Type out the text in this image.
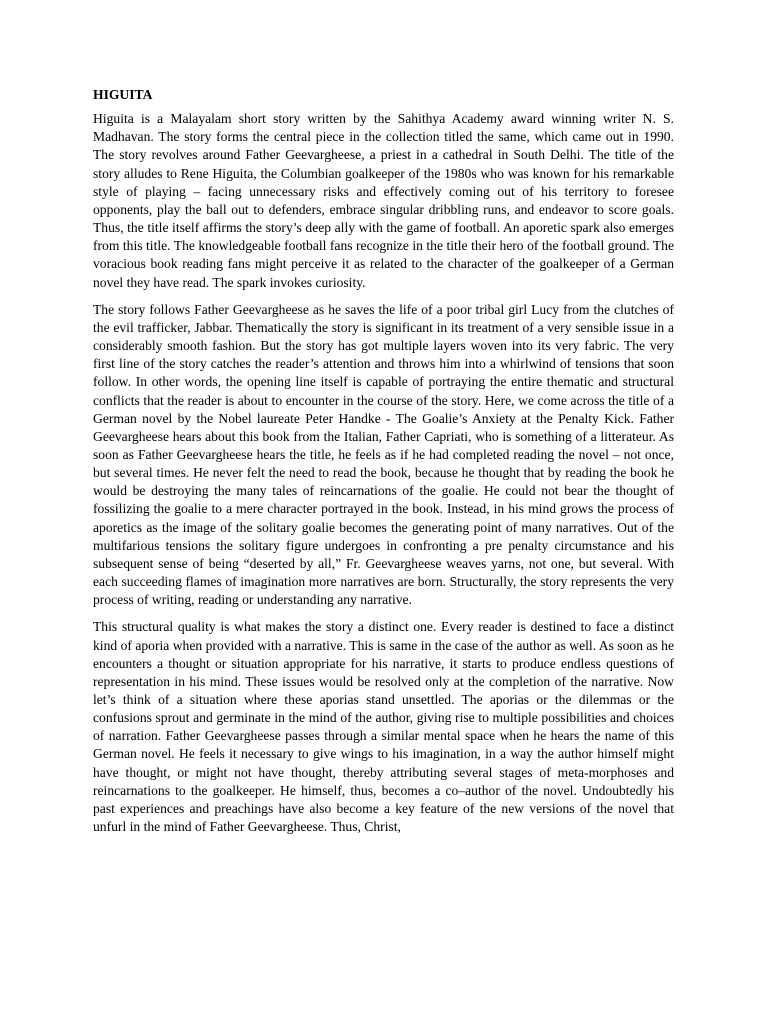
HIGUITA

Higuita is a Malayalam short story written by the Sahithya Academy award winning writer N. S. Madhavan. The story forms the central piece in the collection titled the same, which came out in 1990. The story revolves around Father Geevargheese, a priest in a cathedral in South Delhi. The title of the story alludes to Rene Higuita, the Columbian goalkeeper of the 1980s who was known for his remarkable style of playing – facing unnecessary risks and effectively coming out of his territory to foresee opponents, play the ball out to defenders, embrace singular dribbling runs, and endeavor to score goals. Thus, the title itself affirms the story’s deep ally with the game of football. An aporetic spark also emerges from this title. The knowledgeable football fans recognize in the title their hero of the football ground. The voracious book reading fans might perceive it as related to the character of the goalkeeper of a German novel they have read. The spark invokes curiosity.

The story follows Father Geevargheese as he saves the life of a poor tribal girl Lucy from the clutches of the evil trafficker, Jabbar. Thematically the story is significant in its treatment of a very sensible issue in a considerably smooth fashion. But the story has got multiple layers woven into its very fabric. The very first line of the story catches the reader’s attention and throws him into a whirlwind of tensions that soon follow. In other words, the opening line itself is capable of portraying the entire thematic and structural conflicts that the reader is about to encounter in the course of the story. Here, we come across the title of a German novel by the Nobel laureate Peter Handke - The Goalie’s Anxiety at the Penalty Kick. Father Geevargheese hears about this book from the Italian, Father Capriati, who is something of a litterateur. As soon as Father Geevargheese hears the title, he feels as if he had completed reading the novel – not once, but several times. He never felt the need to read the book, because he thought that by reading the book he would be destroying the many tales of reincarnations of the goalie. He could not bear the thought of fossilizing the goalie to a mere character portrayed in the book. Instead, in his mind grows the process of aporetics as the image of the solitary goalie becomes the generating point of many narratives. Out of the multifarious tensions the solitary figure undergoes in confronting a pre penalty circumstance and his subsequent sense of being “deserted by all,” Fr. Geevargheese weaves yarns, not one, but several. With each succeeding flames of imagination more narratives are born. Structurally, the story represents the very process of writing, reading or understanding any narrative.

This structural quality is what makes the story a distinct one. Every reader is destined to face a distinct kind of aporia when provided with a narrative. This is same in the case of the author as well. As soon as he encounters a thought or situation appropriate for his narrative, it starts to produce endless questions of representation in his mind. These issues would be resolved only at the completion of the narrative. Now let’s think of a situation where these aporias stand unsettled. The aporias or the dilemmas or the confusions sprout and germinate in the mind of the author, giving rise to multiple possibilities and choices of narration. Father Geevargheese passes through a similar mental space when he hears the name of this German novel. He feels it necessary to give wings to his imagination, in a way the author himself might have thought, or might not have thought, thereby attributing several stages of meta-morphoses and reincarnations to the goalkeeper. He himself, thus, becomes a co–author of the novel. Undoubtedly his past experiences and preachings have also become a key feature of the new versions of the novel that unfurl in the mind of Father Geevargheese. Thus, Christ,
